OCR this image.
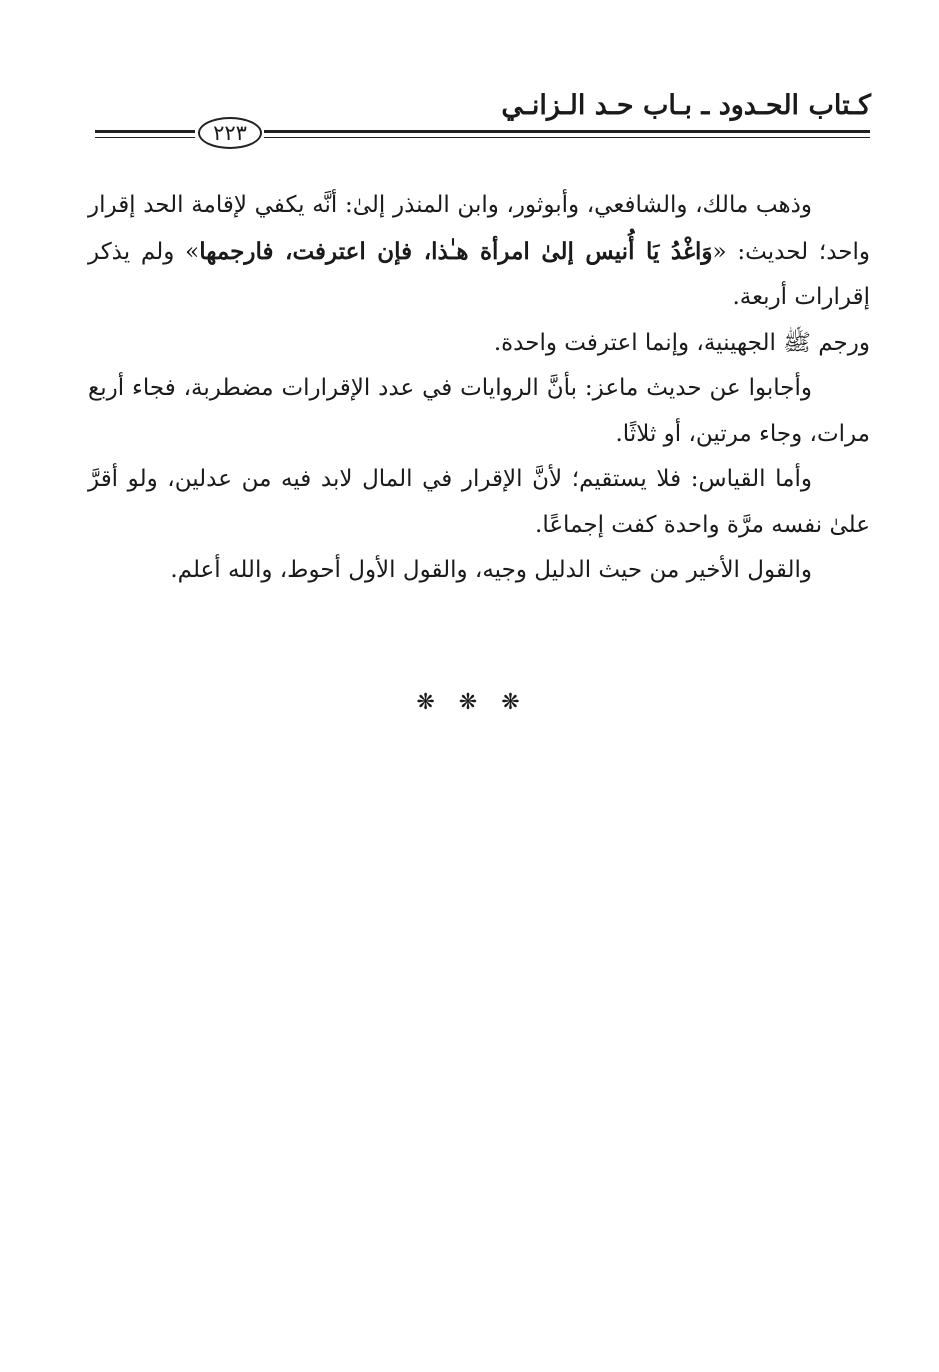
كـتاب الحـدود ـ بـاب حـد الـزانـي
٢٢٣

وذهب مالك، والشافعي، وأبوثور، وابن المنذر إلىٰ: أنَّه يكفي لإقامة الحد إقرار واحد؛ لحديث: «وَاغْدُ يَا أُنيس إلىٰ امرأة هـٰذا، فإن اعترفت، فارجمها» ولم يذكر إقرارات أربعة.

ورجم ﷺ الجهينية، وإنما اعترفت واحدة.

وأجابوا عن حديث ماعز: بأنَّ الروايات في عدد الإقرارات مضطربة، فجاء أربع مرات، وجاء مرتين، أو ثلاثًا.

وأما القياس: فلا يستقيم؛ لأنَّ الإقرار في المال لابد فيه من عدلين، ولو أقرَّ علىٰ نفسه مرَّة واحدة كفت إجماعًا.

والقول الأخير من حيث الدليل وجيه، والقول الأول أحوط، والله أعلم.

❋❋❋
